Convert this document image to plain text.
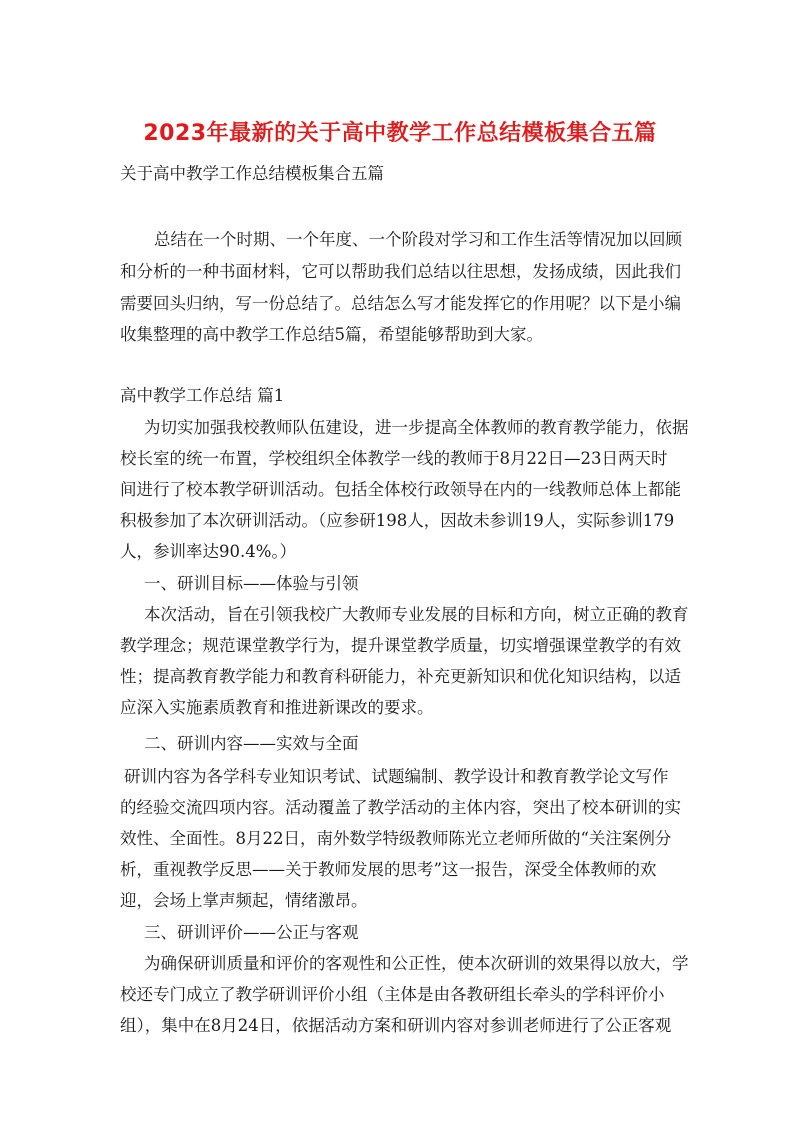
2023年最新的关于高中教学工作总结模板集合五篇
关于高中教学工作总结模板集合五篇
总结在一个时期、一个年度、一个阶段对学习和工作生活等情况加以回顾
和分析的一种书面材料，它可以帮助我们总结以往思想，发扬成绩，因此我们
需要回头归纳，写一份总结了。总结怎么写才能发挥它的作用呢？以下是小编
收集整理的高中教学工作总结5篇，希望能够帮助到大家。
高中教学工作总结 篇1
为切实加强我校教师队伍建设，进一步提高全体教师的教育教学能力，依据
校长室的统一布置，学校组织全体教学一线的教师于8月22日—23日两天时
间进行了校本教学研训活动。包括全体校行政领导在内的一线教师总体上都能
积极参加了本次研训活动。（应参研198人，因故未参训19人，实际参训179
人，参训率达90.4%。）
一、研训目标——体验与引领
本次活动，旨在引领我校广大教师专业发展的目标和方向，树立正确的教育
教学理念；规范课堂教学行为，提升课堂教学质量，切实增强课堂教学的有效
性；提高教育教学能力和教育科研能力，补充更新知识和优化知识结构，以适
应深入实施素质教育和推进新课改的要求。
二、研训内容——实效与全面
研训内容为各学科专业知识考试、试题编制、教学设计和教育教学论文写作
的经验交流四项内容。活动覆盖了教学活动的主体内容，突出了校本研训的实
效性、全面性。8月22日，南外数学特级教师陈光立老师所做的“关注案例分
析，重视教学反思——关于教师发展的思考”这一报告，深受全体教师的欢
迎，会场上掌声频起，情绪激昂。
三、研训评价——公正与客观
为确保研训质量和评价的客观性和公正性，使本次研训的效果得以放大，学
校还专门成立了教学研训评价小组（主体是由各教研组长牵头的学科评价小
组），集中在8月24日，依据活动方案和研训内容对参训老师进行了公正客观
